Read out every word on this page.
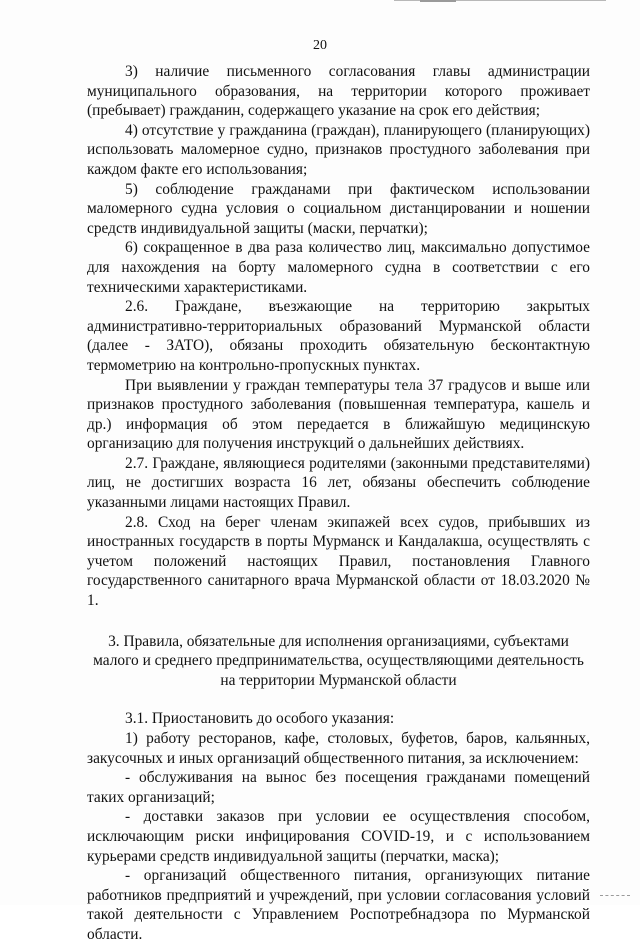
20

3) наличие письменного согласования главы администрации муниципального образования, на территории которого проживает (пребывает) гражданин, содержащего указание на срок его действия;

4) отсутствие у гражданина (граждан), планирующего (планирующих) использовать маломерное судно, признаков простудного заболевания при каждом факте его использования;

5) соблюдение гражданами при фактическом использовании маломерного судна условия о социальном дистанцировании и ношении средств индивидуальной защиты (маски, перчатки);

6) сокращенное в два раза количество лиц, максимально допустимое для нахождения на борту маломерного судна в соответствии с его техническими характеристиками.

2.6. Граждане, въезжающие на территорию закрытых административно-территориальных образований Мурманской области (далее - ЗАТО), обязаны проходить обязательную бесконтактную термометрию на контрольно-пропускных пунктах.

При выявлении у граждан температуры тела 37 градусов и выше или признаков простудного заболевания (повышенная температура, кашель и др.) информация об этом передается в ближайшую медицинскую организацию для получения инструкций о дальнейших действиях.

2.7. Граждане, являющиеся родителями (законными представителями) лиц, не достигших возраста 16 лет, обязаны обеспечить соблюдение указанными лицами настоящих Правил.

2.8. Сход на берег членам экипажей всех судов, прибывших из иностранных государств в порты Мурманск и Кандалакша, осуществлять с учетом положений настоящих Правил, постановления Главного государственного санитарного врача Мурманской области от 18.03.2020 № 1.

3. Правила, обязательные для исполнения организациями, субъектами малого и среднего предпринимательства, осуществляющими деятельность на территории Мурманской области

3.1. Приостановить до особого указания:

1) работу ресторанов, кафе, столовых, буфетов, баров, кальянных, закусочных и иных организаций общественного питания, за исключением:

- обслуживания на вынос без посещения гражданами помещений таких организаций;

- доставки заказов при условии ее осуществления способом, исключающим риски инфицирования COVID-19, и с использованием курьерами средств индивидуальной защиты (перчатки, маска);

- организаций общественного питания, организующих питание работников предприятий и учреждений, при условии согласования условий такой деятельности с Управлением Роспотребнадзора по Мурманской области.
